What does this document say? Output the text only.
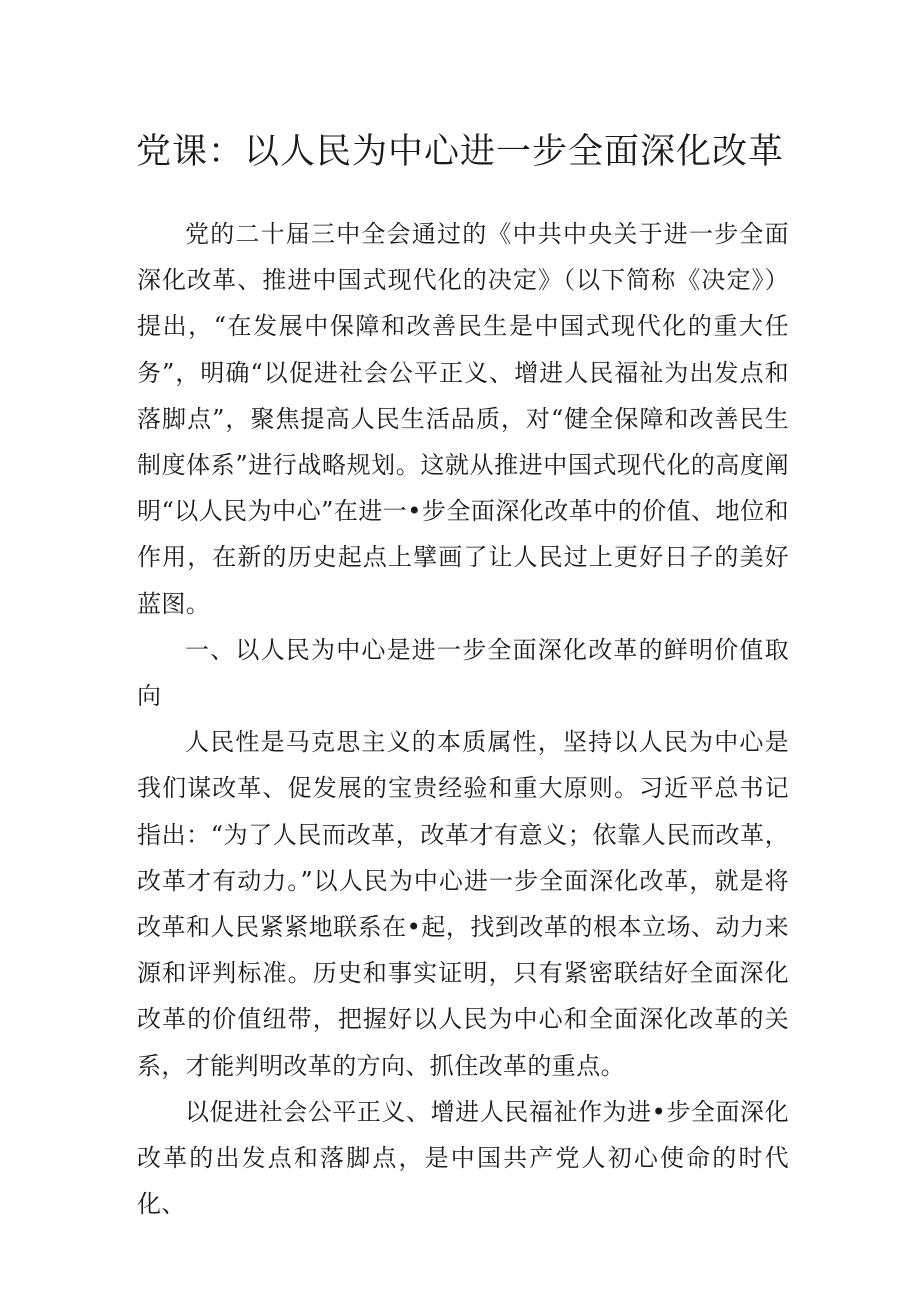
党课：以人民为中心进一步全面深化改革

党的二十届三中全会通过的《中共中央关于进一步全面深化改革、推进中国式现代化的决定》（以下简称《决定》）提出，“在发展中保障和改善民生是中国式现代化的重大任务”，明确“以促进社会公平正义、增进人民福祉为出发点和落脚点”，聚焦提高人民生活品质，对“健全保障和改善民生制度体系”进行战略规划。这就从推进中国式现代化的高度阐明“以人民为中心”在进一•步全面深化改革中的价值、地位和作用，在新的历史起点上擘画了让人民过上更好日子的美好蓝图。

一、以人民为中心是进一步全面深化改革的鲜明价值取向

人民性是马克思主义的本质属性，坚持以人民为中心是我们谋改革、促发展的宝贵经验和重大原则。习近平总书记指出：“为了人民而改革，改革才有意义；依靠人民而改革，改革才有动力。”以人民为中心进一步全面深化改革，就是将改革和人民紧紧地联系在•起，找到改革的根本立场、动力来源和评判标准。历史和事实证明，只有紧密联结好全面深化改革的价值纽带，把握好以人民为中心和全面深化改革的关系，才能判明改革的方向、抓住改革的重点。

以促进社会公平正义、增进人民福祉作为进•步全面深化改革的出发点和落脚点，是中国共产党人初心使命的时代化、
